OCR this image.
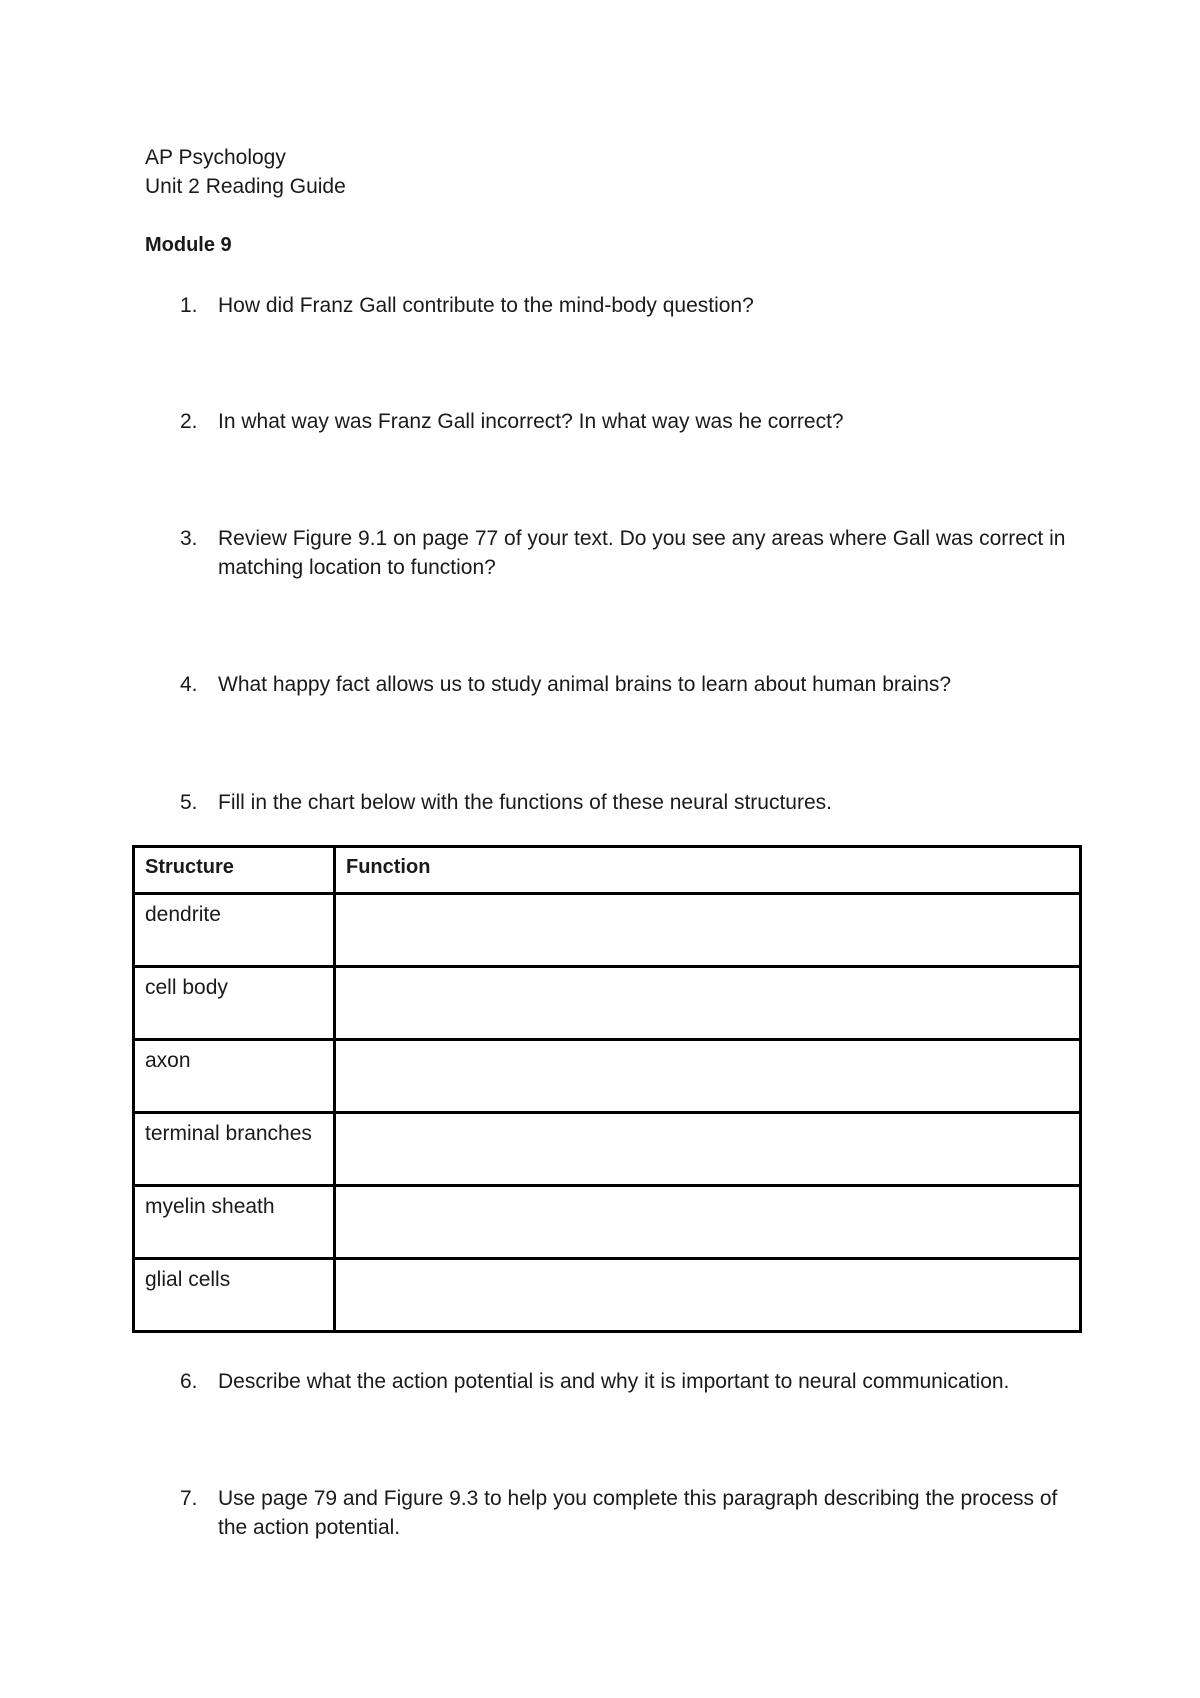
AP Psychology
Unit 2 Reading Guide
Module 9
1. How did Franz Gall contribute to the mind-body question?
2. In what way was Franz Gall incorrect? In what way was he correct?
3. Review Figure 9.1 on page 77 of your text. Do you see any areas where Gall was correct in matching location to function?
4. What happy fact allows us to study animal brains to learn about human brains?
5. Fill in the chart below with the functions of these neural structures.
Structure	Function
dendrite	
cell body	
axon	
terminal branches	
myelin sheath	
glial cells	
6. Describe what the action potential is and why it is important to neural communication.
7. Use page 79 and Figure 9.3 to help you complete this paragraph describing the process of the action potential.
